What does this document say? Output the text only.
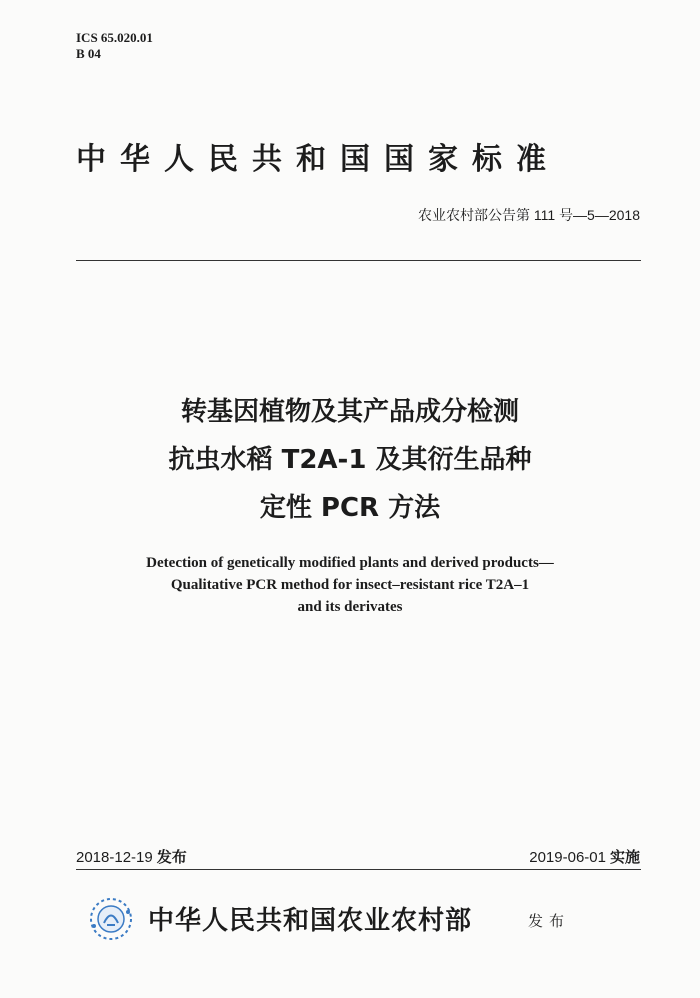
ICS 65.020.01
B 04
中华人民共和国国家标准
农业农村部公告第 111 号—5—2018
转基因植物及其产品成分检测
抗虫水稻 T2A-1 及其衍生品种
定性 PCR 方法
Detection of genetically modified plants and derived products—
Qualitative PCR method for insect–resistant rice T2A–1
and its derivates
2018-12-19 发布	2019-06-01 实施
中华人民共和国农业农村部	发布
